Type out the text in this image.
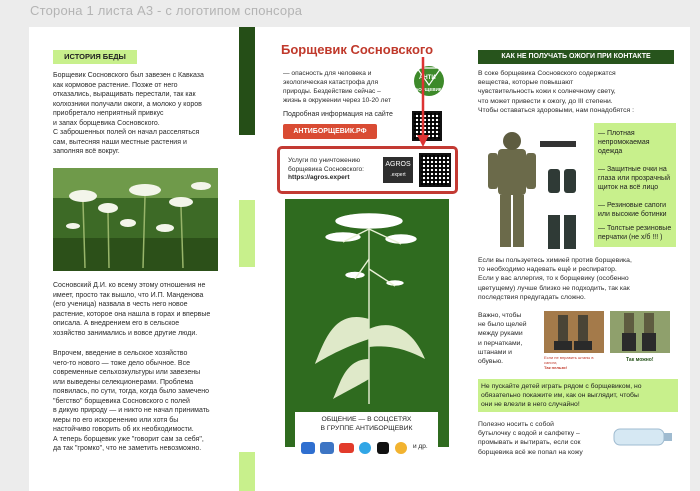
Сторона 1 листа А3 - с логотипом спонсора
ИСТОРИЯ БЕДЫ
Борщевик Сосновского был завезен с Кавказа
как кормовое растение. Позже от него
отказались, выращивать перестали, так как
колхозники получали ожоги, а молоко у коров
приобретало неприятный привкус
и запах борщевика Сосновского.
С заброшенных полей он начал расселяться
сам, вытесняя наши местные растения и
заполняя всё вокруг.
Сосновский Д.И. ко всему этому отношения не
имеет, просто так вышло, что И.П. Манденова
(его ученица) назвала в честь него новое
растение, которое она нашла в горах и впервые
описала. А внедрением его в сельское
хозяйство занимались и вовсе другие люди.
Впрочем, введение в сельское хозяйство
чего-то нового — тоже дело обычное. Все
современные сельхозкультуры или завезены
или выведены селекционерами. Проблема
появилась, по сути, тогда, когда было замечено
"бегство" борщевика Сосновского с полей
в дикую природу — и никто не начал принимать
меры по его искоренению или хотя бы
настойчиво говорить об их необходимости.
А теперь борщевик уже "говорит сам за себя",
да так "громко", что не заметить невозможно.
Борщевик Сосновского
— опасность для человека и
экологическая катастрофа для
природы. Бездействие сейчас –
жизнь в окружении через 10-20 лет
Подробная информация на сайте
АНТИБОРЩЕВИК.РФ
АНТИ
БОРЩЕВИК
Услуги по уничтожению
борщевика Сосновского:
https://agros.expert
AGROS
.expert
ОБЩЕНИЕ — В СОЦСЕТЯХ
В ГРУППЕ АНТИБОРЩЕВИК
и др.
КАК НЕ ПОЛУЧАТЬ ОЖОГИ ПРИ КОНТАКТЕ
В соке борщевика Сосновского содержатся
вещества, которые повышают
чувствительность кожи к солнечному свету,
что может привести к ожогу, до III степени.
Чтобы оставаться здоровыми, нам понадобятся :
— Плотная
непромокаемая
одежда
— Защитные очки на
глаза или прозрачный
щиток на всё лицо
— Резиновые сапоги
или высокие ботинки
— Толстые резиновые
перчатки (не х/б !!! )
Если вы пользуетесь химией против борщевика,
то необходимо надевать ещё и респиратор.
Если у вас аллергия, то к борщевику (особенно
цветущему) лучше близко не подходить, так как
последствия предугадать сложно.
Важно, чтобы
не было щелей
между руками
и перчатками,
штанами и
обувью.
Если не вправить штаны в сапоги,
Так нельзя!
Так можно!
Не пускайте детей играть рядом с борщевиком, но
обязательно покажите им, как он выглядит, чтобы
они не влезли в него случайно!
Полезно носить с собой
бутылочку с водой и салфетку –
промывать и вытирать, если сок
борщевика всё же попал на кожу
